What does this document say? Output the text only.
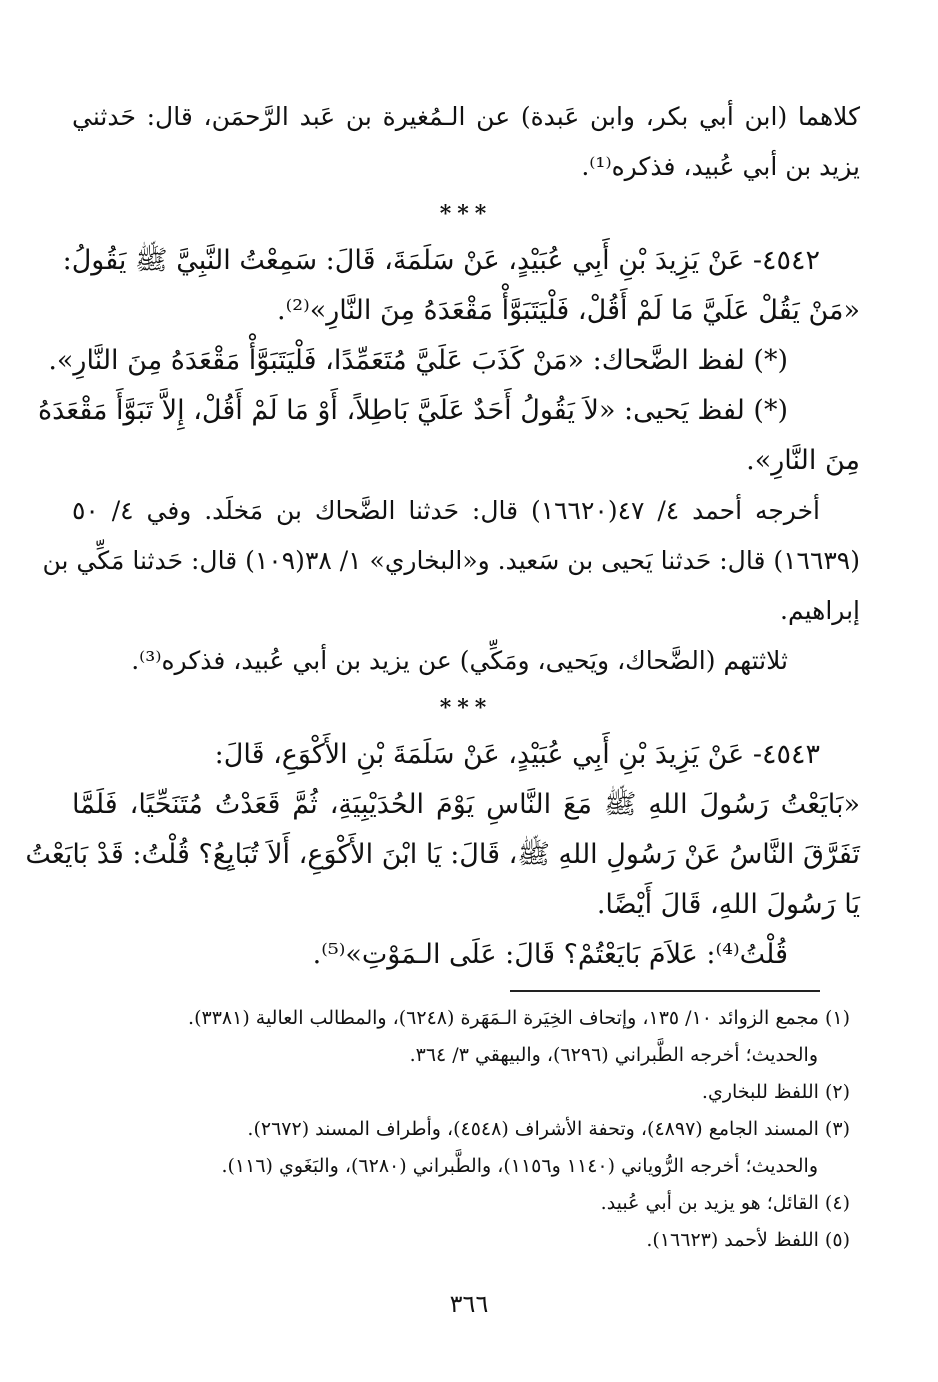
كلاهما (ابن أبي بكر، وابن عَبدة) عن الـمُغيرة بن عَبد الرَّحمَن، قال: حَدثني
يزيد بن أبي عُبيد، فذكره⁽¹⁾.
***
٤٥٤٢- عَنْ يَزِيدَ بْنِ أَبِي عُبَيْدٍ، عَنْ سَلَمَةَ، قَالَ: سَمِعْتُ النَّبِيَّ ﷺ يَقُولُ:
«مَنْ يَقُلْ عَلَيَّ مَا لَمْ أَقُلْ، فَلْيَتَبَوَّأْ مَقْعَدَهُ مِنَ النَّارِ»⁽²⁾.
(*) لفظ الضَّحاك: «مَنْ كَذَبَ عَلَيَّ مُتَعَمِّدًا، فَلْيَتَبَوَّأْ مَقْعَدَهُ مِنَ النَّارِ».
(*) لفظ يَحيى: «لاَ يَقُولُ أَحَدٌ عَلَيَّ بَاطِلاً، أَوْ مَا لَمْ أَقُلْ، إِلاَّ تَبَوَّأَ مَقْعَدَهُ
مِنَ النَّارِ».
أخرجه أحمد ٤/ ٤٧(١٦٦٢٠) قال: حَدثنا الضَّحاك بن مَخلَد. وفي ٤/ ٥٠
(١٦٦٣٩) قال: حَدثنا يَحيى بن سَعيد. و«البخاري» ١/ ٣٨(١٠٩) قال: حَدثنا مَكِّي بن
إبراهيم.
ثلاثتهم (الضَّحاك، ويَحيى، ومَكِّي) عن يزيد بن أبي عُبيد، فذكره⁽³⁾.
***
٤٥٤٣- عَنْ يَزِيدَ بْنِ أَبِي عُبَيْدٍ، عَنْ سَلَمَةَ بْنِ الأَكْوَعِ، قَالَ:
«بَايَعْتُ رَسُولَ اللهِ ﷺ مَعَ النَّاسِ يَوْمَ الحُدَيْبِيَةِ، ثُمَّ قَعَدْتُ مُتَنَحِّيًا، فَلَمَّا
تَفَرَّقَ النَّاسُ عَنْ رَسُولِ اللهِ ﷺ، قَالَ: يَا ابْنَ الأَكْوَعِ، أَلاَ تُبَايِعُ؟ قُلْتُ: قَدْ بَايَعْتُ
يَا رَسُولَ اللهِ، قَالَ أَيْضًا.
قُلْتُ⁽⁴⁾: عَلاَمَ بَايَعْتُمْ؟ قَالَ: عَلَى الـمَوْتِ»⁽⁵⁾.
(١) مجمع الزوائد ١٠/ ١٣٥، وإتحاف الخِيَرة الـمَهَرة (٦٢٤٨)، والمطالب العالية (٣٣٨١).
والحديث؛ أخرجه الطَّبراني (٦٢٩٦)، والبيهقي ٣/ ٣٦٤.
(٢) اللفظ للبخاري.
(٣) المسند الجامع (٤٨٩٧)، وتحفة الأشراف (٤٥٤٨)، وأطراف المسند (٢٦٧٢).
والحديث؛ أخرجه الرُّوياني (١١٤٠ و١١٥٦)، والطَّبراني (٦٢٨٠)، والبَغَوي (١١٦).
(٤) القائل؛ هو يزيد بن أبي عُبيد.
(٥) اللفظ لأحمد (١٦٦٢٣).
٣٦٦
